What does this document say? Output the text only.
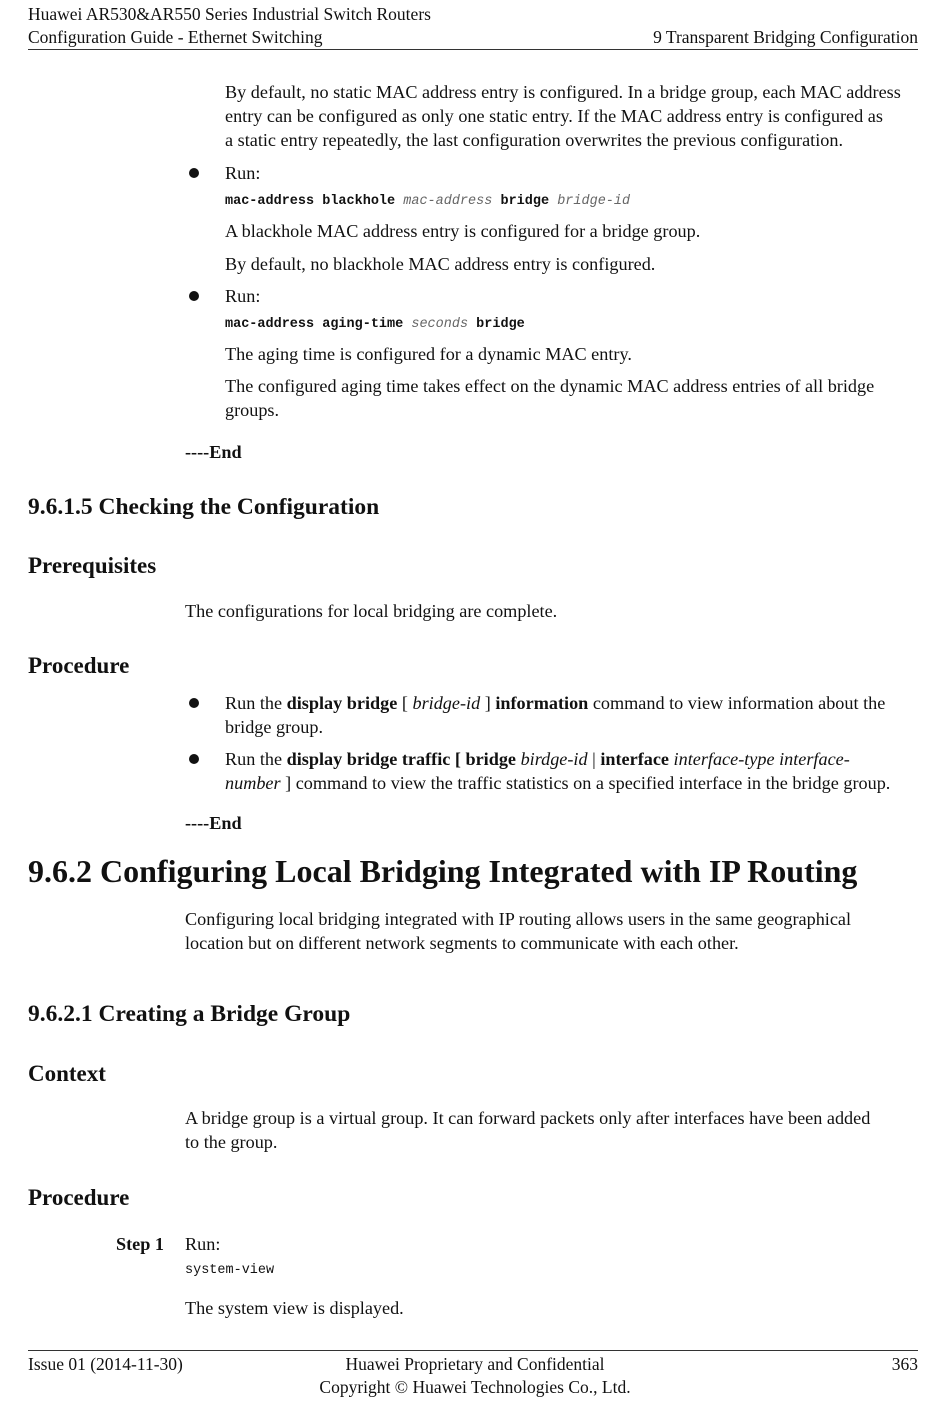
Huawei AR530&AR550 Series Industrial Switch Routers
Configuration Guide - Ethernet Switching	9 Transparent Bridging Configuration
By default, no static MAC address entry is configured. In a bridge group, each MAC address
entry can be configured as only one static entry. If the MAC address entry is configured as
a static entry repeatedly, the last configuration overwrites the previous configuration.
Run:
mac-address blackhole mac-address bridge bridge-id
A blackhole MAC address entry is configured for a bridge group.
By default, no blackhole MAC address entry is configured.
Run:
mac-address aging-time seconds bridge
The aging time is configured for a dynamic MAC entry.
The configured aging time takes effect on the dynamic MAC address entries of all bridge
groups.
----End
9.6.1.5 Checking the Configuration
Prerequisites
The configurations for local bridging are complete.
Procedure
Run the display bridge [ bridge-id ] information command to view information about the
bridge group.
Run the display bridge traffic [ bridge birdge-id | interface interface-type interface-
number ] command to view the traffic statistics on a specified interface in the bridge group.
----End
9.6.2 Configuring Local Bridging Integrated with IP Routing
Configuring local bridging integrated with IP routing allows users in the same geographical
location but on different network segments to communicate with each other.
9.6.2.1 Creating a Bridge Group
Context
A bridge group is a virtual group. It can forward packets only after interfaces have been added
to the group.
Procedure
Step 1 Run:
system-view
The system view is displayed.
Issue 01 (2014-11-30)	Huawei Proprietary and Confidential
Copyright © Huawei Technologies Co., Ltd.
363
